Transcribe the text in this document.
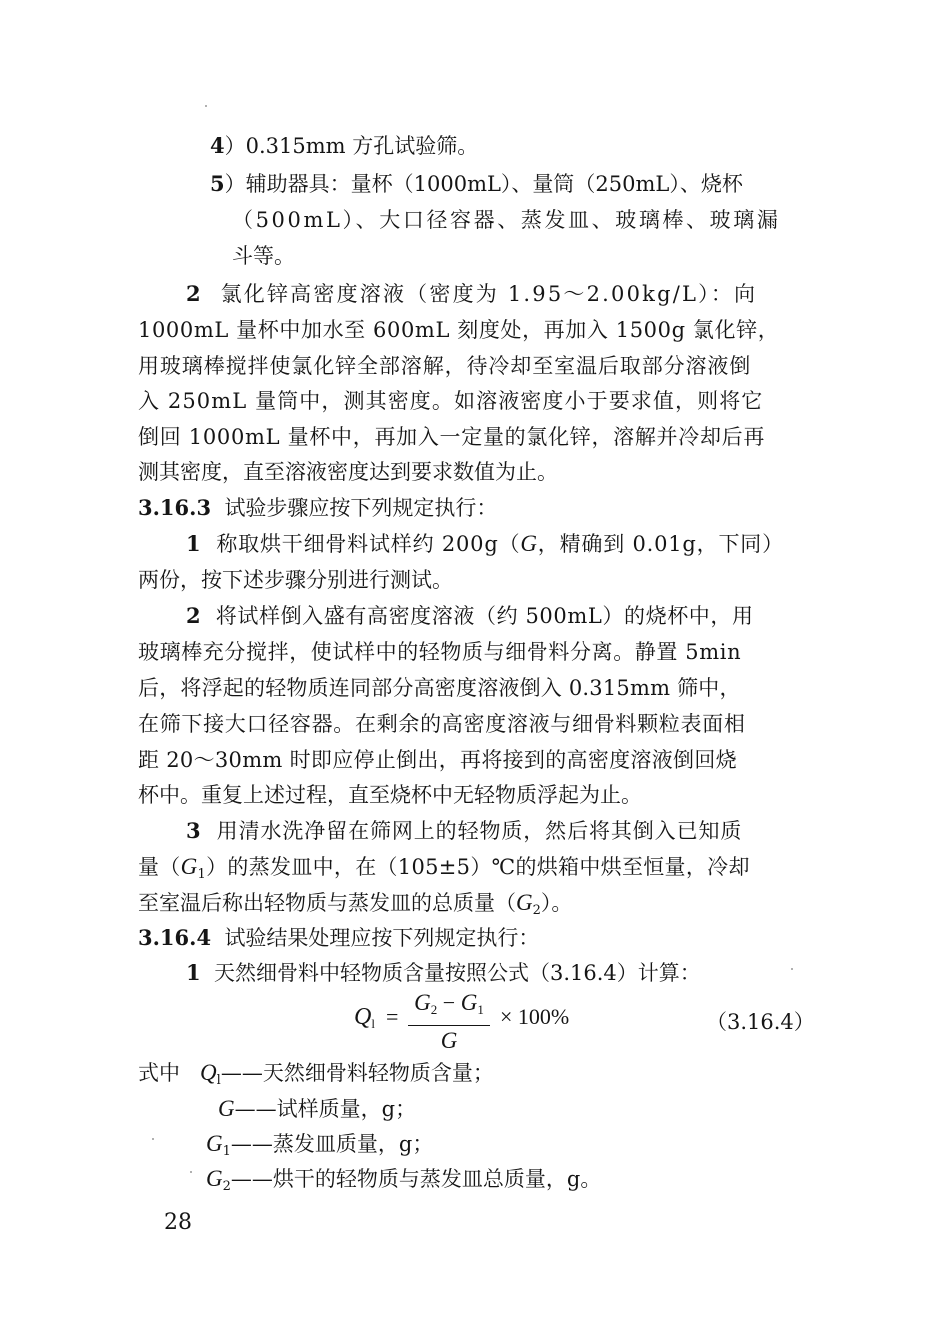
4）0.315mm 方孔试验筛。
5）辅助器具：量杯（1000mL）、量筒（250mL）、烧杯
（500mL）、大口径容器、蒸发皿、玻璃棒、玻璃漏
斗等。
2 氯化锌高密度溶液（密度为 1.95～2.00kg/L）：向
1000mL 量杯中加水至 600mL 刻度处，再加入 1500g 氯化锌，
用玻璃棒搅拌使氯化锌全部溶解，待冷却至室温后取部分溶液倒
入 250mL 量筒中，测其密度。如溶液密度小于要求值，则将它
倒回 1000mL 量杯中，再加入一定量的氯化锌，溶解并冷却后再
测其密度，直至溶液密度达到要求数值为止。
3.16.3 试验步骤应按下列规定执行：
1 称取烘干细骨料试样约 200g（G，精确到 0.01g，下同）
两份，按下述步骤分别进行测试。
2 将试样倒入盛有高密度溶液（约 500mL）的烧杯中，用
玻璃棒充分搅拌，使试样中的轻物质与细骨料分离。静置 5min
后，将浮起的轻物质连同部分高密度溶液倒入 0.315mm 筛中，
在筛下接大口径容器。在剩余的高密度溶液与细骨料颗粒表面相
距 20～30mm 时即应停止倒出，再将接到的高密度溶液倒回烧
杯中。重复上述过程，直至烧杯中无轻物质浮起为止。
3 用清水洗净留在筛网上的轻物质，然后将其倒入已知质
量$(G_1)$的蒸发皿中，在（105±5）℃的烘箱中烘至恒量，冷却
至室温后称出轻物质与蒸发皿的总质量$(G_2)$。
3.16.4 试验结果处理应按下列规定执行：
1 天然细骨料中轻物质含量按照公式（3.16.4）计算：
$Q_l$ =
$G_2 - G_1$
G
× 100%	（3.16.4）
式中 $Q_l——$天然细骨料轻物质含量；
G——试样质量，g；
$G_1——$蒸发皿质量，g；
$G_2——$烘干的轻物质与蒸发皿总质量，g。
28
